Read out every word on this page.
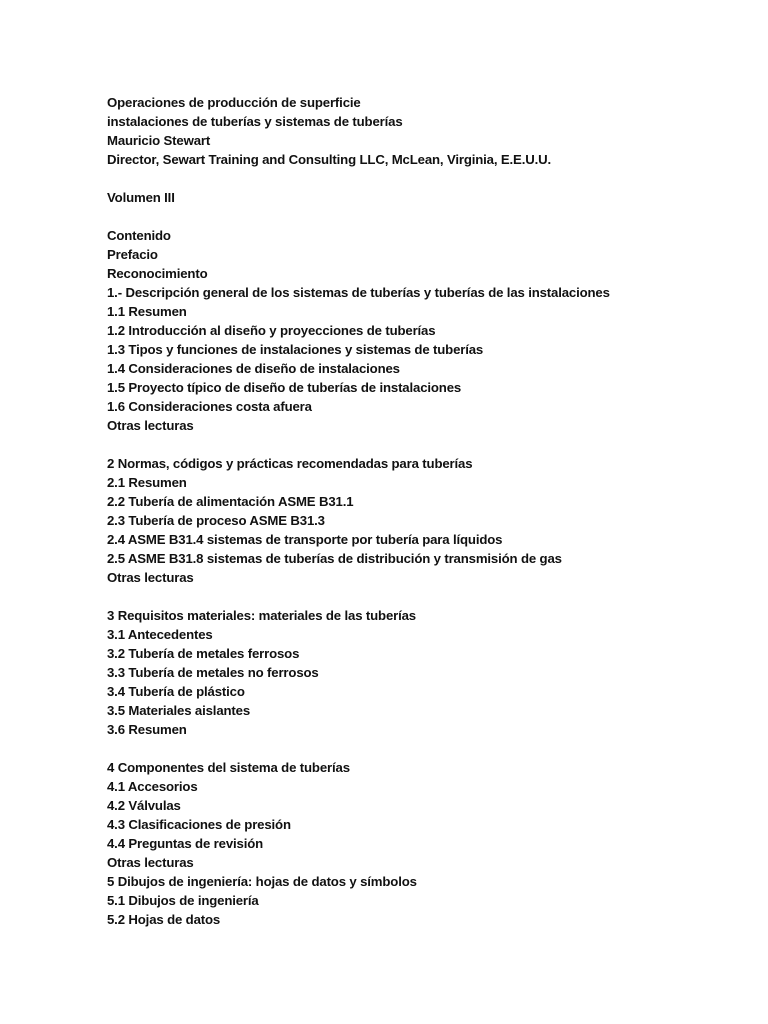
Operaciones de producción de superficie
instalaciones de tuberías y sistemas de tuberías
Mauricio Stewart
Director, Sewart Training and Consulting LLC, McLean, Virginia, E.E.U.U.
Volumen III
Contenido
Prefacio
Reconocimiento
1.- Descripción general de los sistemas de tuberías y tuberías de las instalaciones
1.1 Resumen
1.2 Introducción al diseño y proyecciones de tuberías
1.3 Tipos y funciones de instalaciones y sistemas de tuberías
1.4 Consideraciones de diseño de instalaciones
1.5 Proyecto típico de diseño de tuberías de instalaciones
1.6 Consideraciones costa afuera
Otras lecturas
2 Normas, códigos y prácticas recomendadas para tuberías
2.1 Resumen
2.2 Tubería de alimentación ASME B31.1
2.3 Tubería de proceso ASME B31.3
2.4 ASME B31.4 sistemas de transporte por tubería para líquidos
2.5 ASME B31.8 sistemas de tuberías de distribución y transmisión de gas
Otras lecturas
3 Requisitos materiales: materiales de las tuberías
3.1 Antecedentes
3.2 Tubería de metales ferrosos
3.3 Tubería de metales no ferrosos
3.4 Tubería de plástico
3.5 Materiales aislantes
3.6 Resumen
4 Componentes del sistema de tuberías
4.1 Accesorios
4.2 Válvulas
4.3 Clasificaciones de presión
4.4 Preguntas de revisión
Otras lecturas
5 Dibujos de ingeniería: hojas de datos y símbolos
5.1 Dibujos de ingeniería
5.2 Hojas de datos
